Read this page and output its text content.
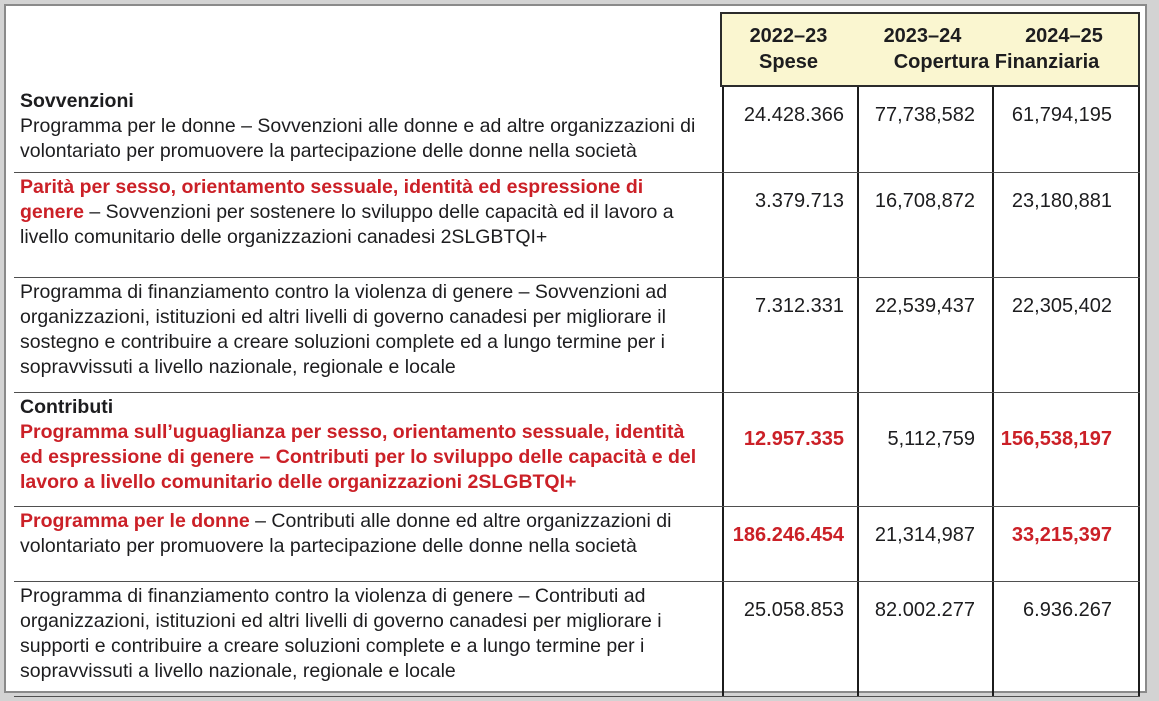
2022–23	2023–24	2024–25
Spese	Copertura Finanziaria
Sovvenzioni
Programma per le donne – Sovvenzioni alle donne e ad altre organizzazioni di volontariato per promuovere la partecipazione delle donne nella società
24.428.366	77,738,582	61,794,195
Parità per sesso, orientamento sessuale, identità ed espressione di genere – Sovvenzioni per sostenere lo sviluppo delle capacità ed il lavoro a livello comunitario delle organizzazioni canadesi 2SLGBTQI+
3.379.713	16,708,872	23,180,881
Programma di finanziamento contro la violenza di genere – Sovvenzioni ad organizzazioni, istituzioni ed altri livelli di governo canadesi per migliorare il sostegno e contribuire a creare soluzioni complete ed a lungo termine per i sopravvissuti a livello nazionale, regionale e locale
7.312.331	22,539,437	22,305,402
Contributi
Programma sull’uguaglianza per sesso, orientamento sessuale, identità ed espressione di genere – Contributi per lo sviluppo delle capacità e del lavoro a livello comunitario delle organizzazioni 2SLGBTQI+
12.957.335	5,112,759	156,538,197
Programma per le donne – Contributi alle donne ed altre organizzazioni di volontariato per promuovere la partecipazione delle donne nella società	186.246.454	21,314,987	33,215,397
Programma di finanziamento contro la violenza di genere – Contributi ad organizzazioni, istituzioni ed altri livelli di governo canadesi per migliorare i supporti e contribuire a creare soluzioni complete e a lungo termine per i sopravvissuti a livello nazionale, regionale e locale
25.058.853	82.002.277	6.936.267
